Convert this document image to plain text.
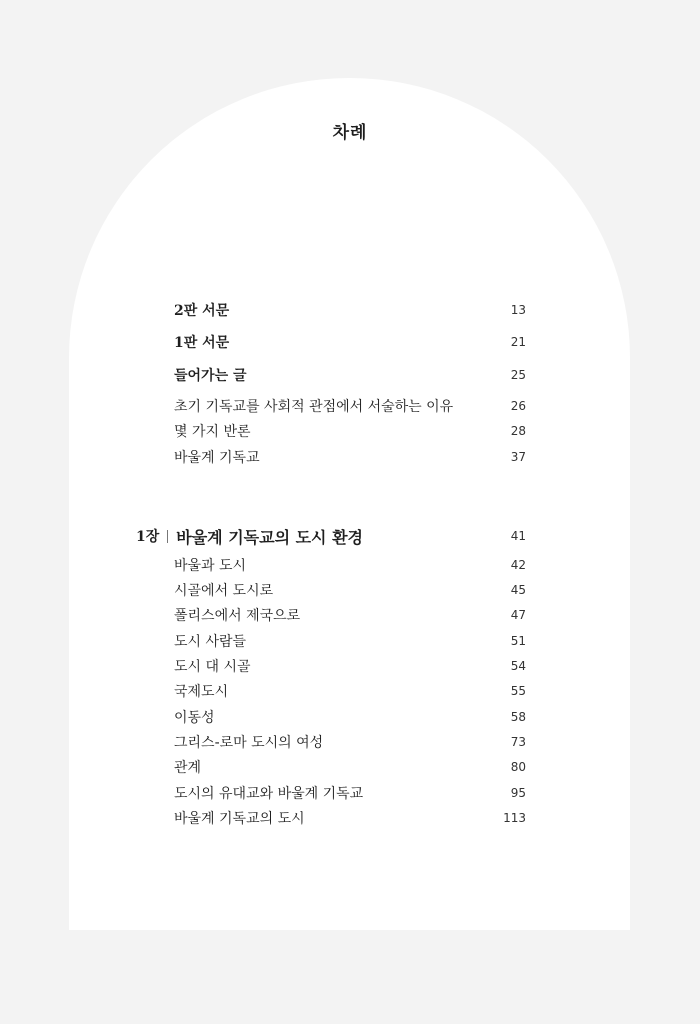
차례
2판 서문	13
1판 서문	21
들어가는 글	25
초기 기독교를 사회적 관점에서 서술하는 이유	26
몇 가지 반론	28
바울계 기독교	37
1장 바울계 기독교의 도시 환경	41
바울과 도시	42
시골에서 도시로	45
폴리스에서 제국으로	47
도시 사람들	51
도시 대 시골	54
국제도시	55
이동성	58
그리스-로마 도시의 여성	73
관계	80
도시의 유대교와 바울계 기독교	95
바울계 기독교의 도시	113
